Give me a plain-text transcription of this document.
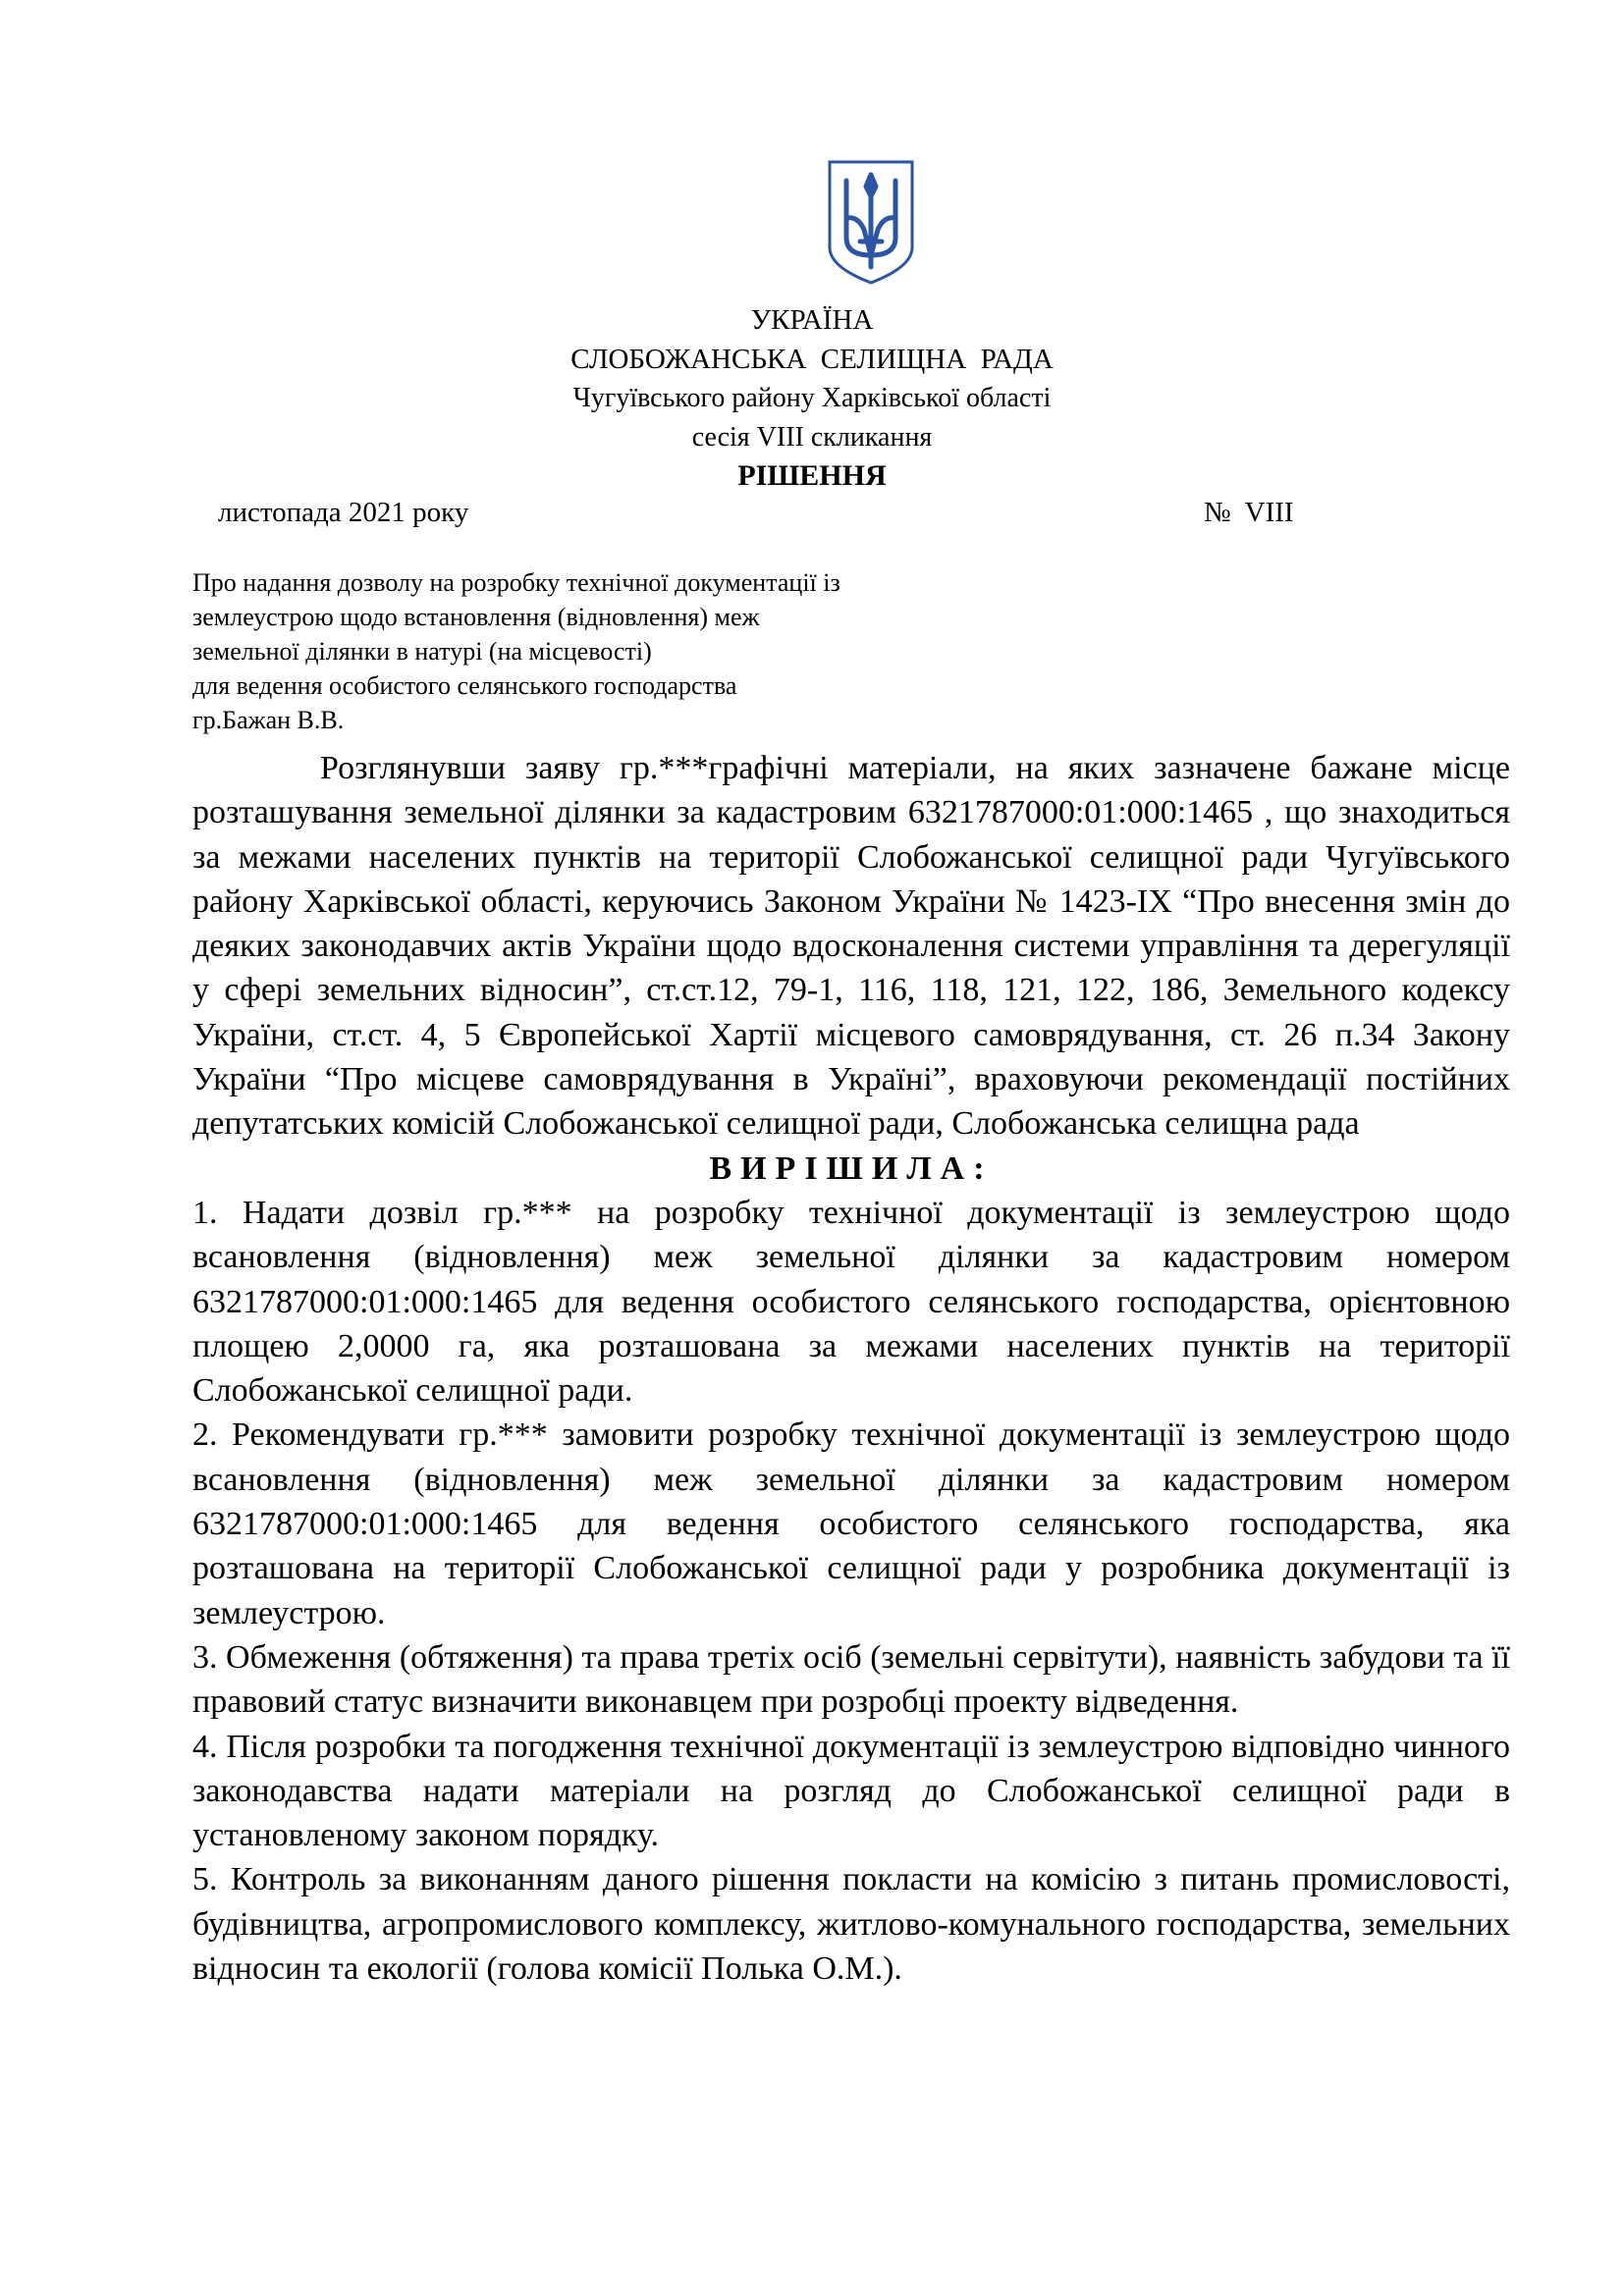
УКРАЇНА
СЛОБОЖАНСЬКА  СЕЛИЩНА  РАДА
Чугуївського району Харківської області
сесія VIII скликання
РІШЕННЯ
листопада 2021 року	№  VIII
Про надання дозволу на розробку технічної документації із
землеустрою щодо встановлення (відновлення) меж
земельної ділянки в натурі (на місцевості)
для ведення особистого селянського господарства
гр.Бажан В.В.

Розглянувши заяву гр.***графічні матеріали, на яких зазначене бажане місце розташування земельної ділянки за кадастровим 6321787000:01:000:1465 , що знаходиться за межами населених пунктів на території Слобожанської селищної ради Чугуївського району Харківської області, керуючись Законом України № 1423-IX “Про внесення змін до деяких законодавчих актів України щодо вдосконалення системи управління та дерегуляції у сфері земельних відносин”, ст.ст.12, 79-1, 116, 118, 121, 122, 186, Земельного кодексу України, ст.ст. 4, 5 Європейської Хартії місцевого самоврядування, ст. 26 п.34 Закону України “Про місцеве самоврядування в Україні”, враховуючи рекомендації постійних депутатських комісій Слобожанської селищної ради, Слобожанська селищна рада

ВИРІШИЛА:

1. Надати дозвіл гр.*** на розробку технічної документації із землеустрою щодо всановлення (відновлення) меж земельної ділянки за кадастровим номером 6321787000:01:000:1465 для ведення особистого селянського господарства, орієнтовною площею 2,0000 га, яка розташована за межами населених пунктів на території Слобожанської селищної ради.

2. Рекомендувати гр.*** замовити розробку технічної документації із землеустрою щодо всановлення (відновлення) меж земельної ділянки за кадастровим номером 6321787000:01:000:1465 для ведення особистого селянського господарства, яка розташована на території Слобожанської селищної ради у розробника документації із землеустрою.

3. Обмеження (обтяження) та права третіх осіб (земельні сервітути), наявність забудови та її правовий статус визначити виконавцем при розробці проекту відведення.

4. Після розробки та погодження технічної документації із землеустрою відповідно чинного законодавства надати матеріали на розгляд до Слобожанської селищної ради в установленому законом порядку.

5. Контроль за виконанням даного рішення покласти на комісію з питань промисловості, будівництва, агропромислового комплексу, житлово-комунального господарства, земельних відносин та екології (голова комісії Полька О.М.).
